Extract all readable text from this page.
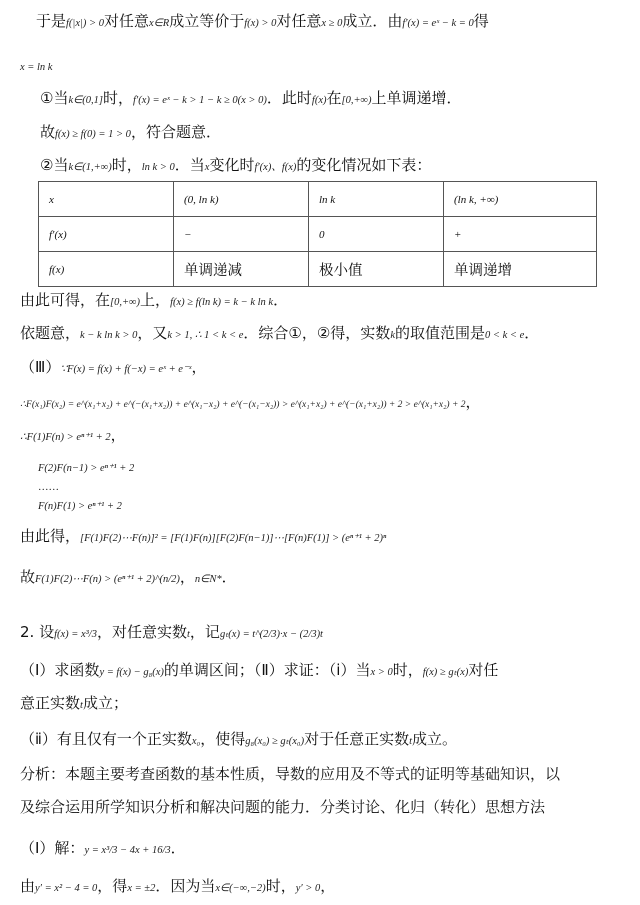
于是f(|x|) > 0对任意x∈R成立等价于f(x) > 0对任意x ≥ 0成立．由f′(x) = eˣ − k = 0得
x = ln k
①当k∈(0,1]时，f′(x) = eˣ − k > 1 − k ≥ 0(x > 0)．此时f(x)在[0,+∞)上单调递增．
故f(x) ≥ f(0) = 1 > 0，符合题意．
②当k∈(1,+∞)时，ln k > 0．当x变化时f′(x)、f(x)的变化情况如下表：
x	(0, ln k)	ln k	(ln k, +∞)
f′(x)	−	0	+
f(x)	单调递减	极小值	单调递增
由此可得，在[0,+∞)上，f(x) ≥ f(ln k) = k − k ln k．
依题意，k − k ln k > 0，又k > 1, ∴ 1 < k < e．综合①，②得，实数k的取值范围是0 < k < e．
（Ⅲ）∵F(x) = f(x) + f(−x) = eˣ + e⁻ˣ，
∴F(x₁)F(x₂) = e^(x₁+x₂) + e^(−(x₁+x₂)) + e^(x₁−x₂) + e^(−(x₁−x₂)) > e^(x₁+x₂) + e^(−(x₁+x₂)) + 2 > e^(x₁+x₂) + 2，
∴F(1)F(n) > eⁿ⁺¹ + 2，
F(2)F(n−1) > eⁿ⁺¹ + 2
……
F(n)F(1) > eⁿ⁺¹ + 2
由此得，[F(1)F(2)⋯F(n)]² = [F(1)F(n)][F(2)F(n−1)]⋯[F(n)F(1)] > (eⁿ⁺¹ + 2)ⁿ
故F(1)F(2)⋯F(n) > (eⁿ⁺¹ + 2)^(n/2)，n∈N*．
2. 设f(x) = x³/3，对任意实数t，记gₜ(x) = t^(2/3)·x − (2/3)t
（Ⅰ）求函数y = f(x) − g₈(x)的单调区间；（Ⅱ）求证：（ⅰ）当x > 0时，f(x) ≥ gₜ(x)对任
意正实数t成立；
（ⅱ）有且仅有一个正实数x₀，使得g₈(x₀) ≥ gₜ(x₀)对于任意正实数t成立。
分析：本题主要考查函数的基本性质，导数的应用及不等式的证明等基础知识，以
及综合运用所学知识分析和解决问题的能力．分类讨论、化归（转化）思想方法
（Ⅰ）解：y = x³/3 − 4x + 16/3．
由y′ = x² − 4 = 0，得x = ±2．因为当x∈(−∞,−2)时，y′ > 0，
